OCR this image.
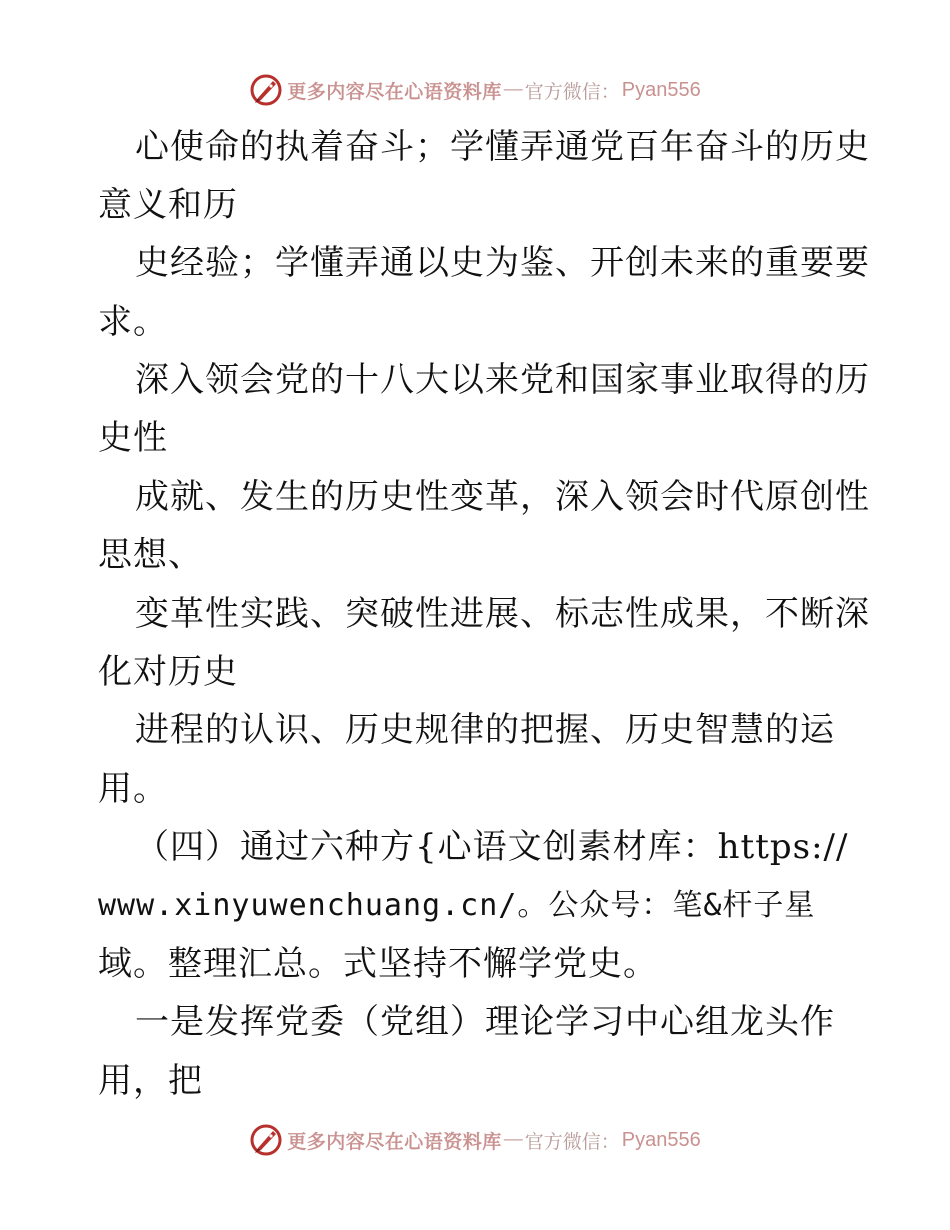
更多内容尽在心语资料库 — 官方微信： Pyan556
心使命的执着奋斗；学懂弄通党百年奋斗的历史
意义和历
史经验；学懂弄通以史为鉴、开创未来的重要要
求。
深入领会党的十八大以来党和国家事业取得的历
史性
成就、发生的历史性变革，深入领会时代原创性
思想、
变革性实践、突破性进展、标志性成果，不断深
化对历史
进程的认识、历史规律的把握、历史智慧的运
用。
（四）通过六种方{心语文创素材库：https://
www.xinyuwenchuang.cn/。公众号：笔&杆子星
域。整理汇总。式坚持不懈学党史。
一是发挥党委（党组）理论学习中心组龙头作
用，把
更多内容尽在心语资料库 — 官方微信： Pyan556
